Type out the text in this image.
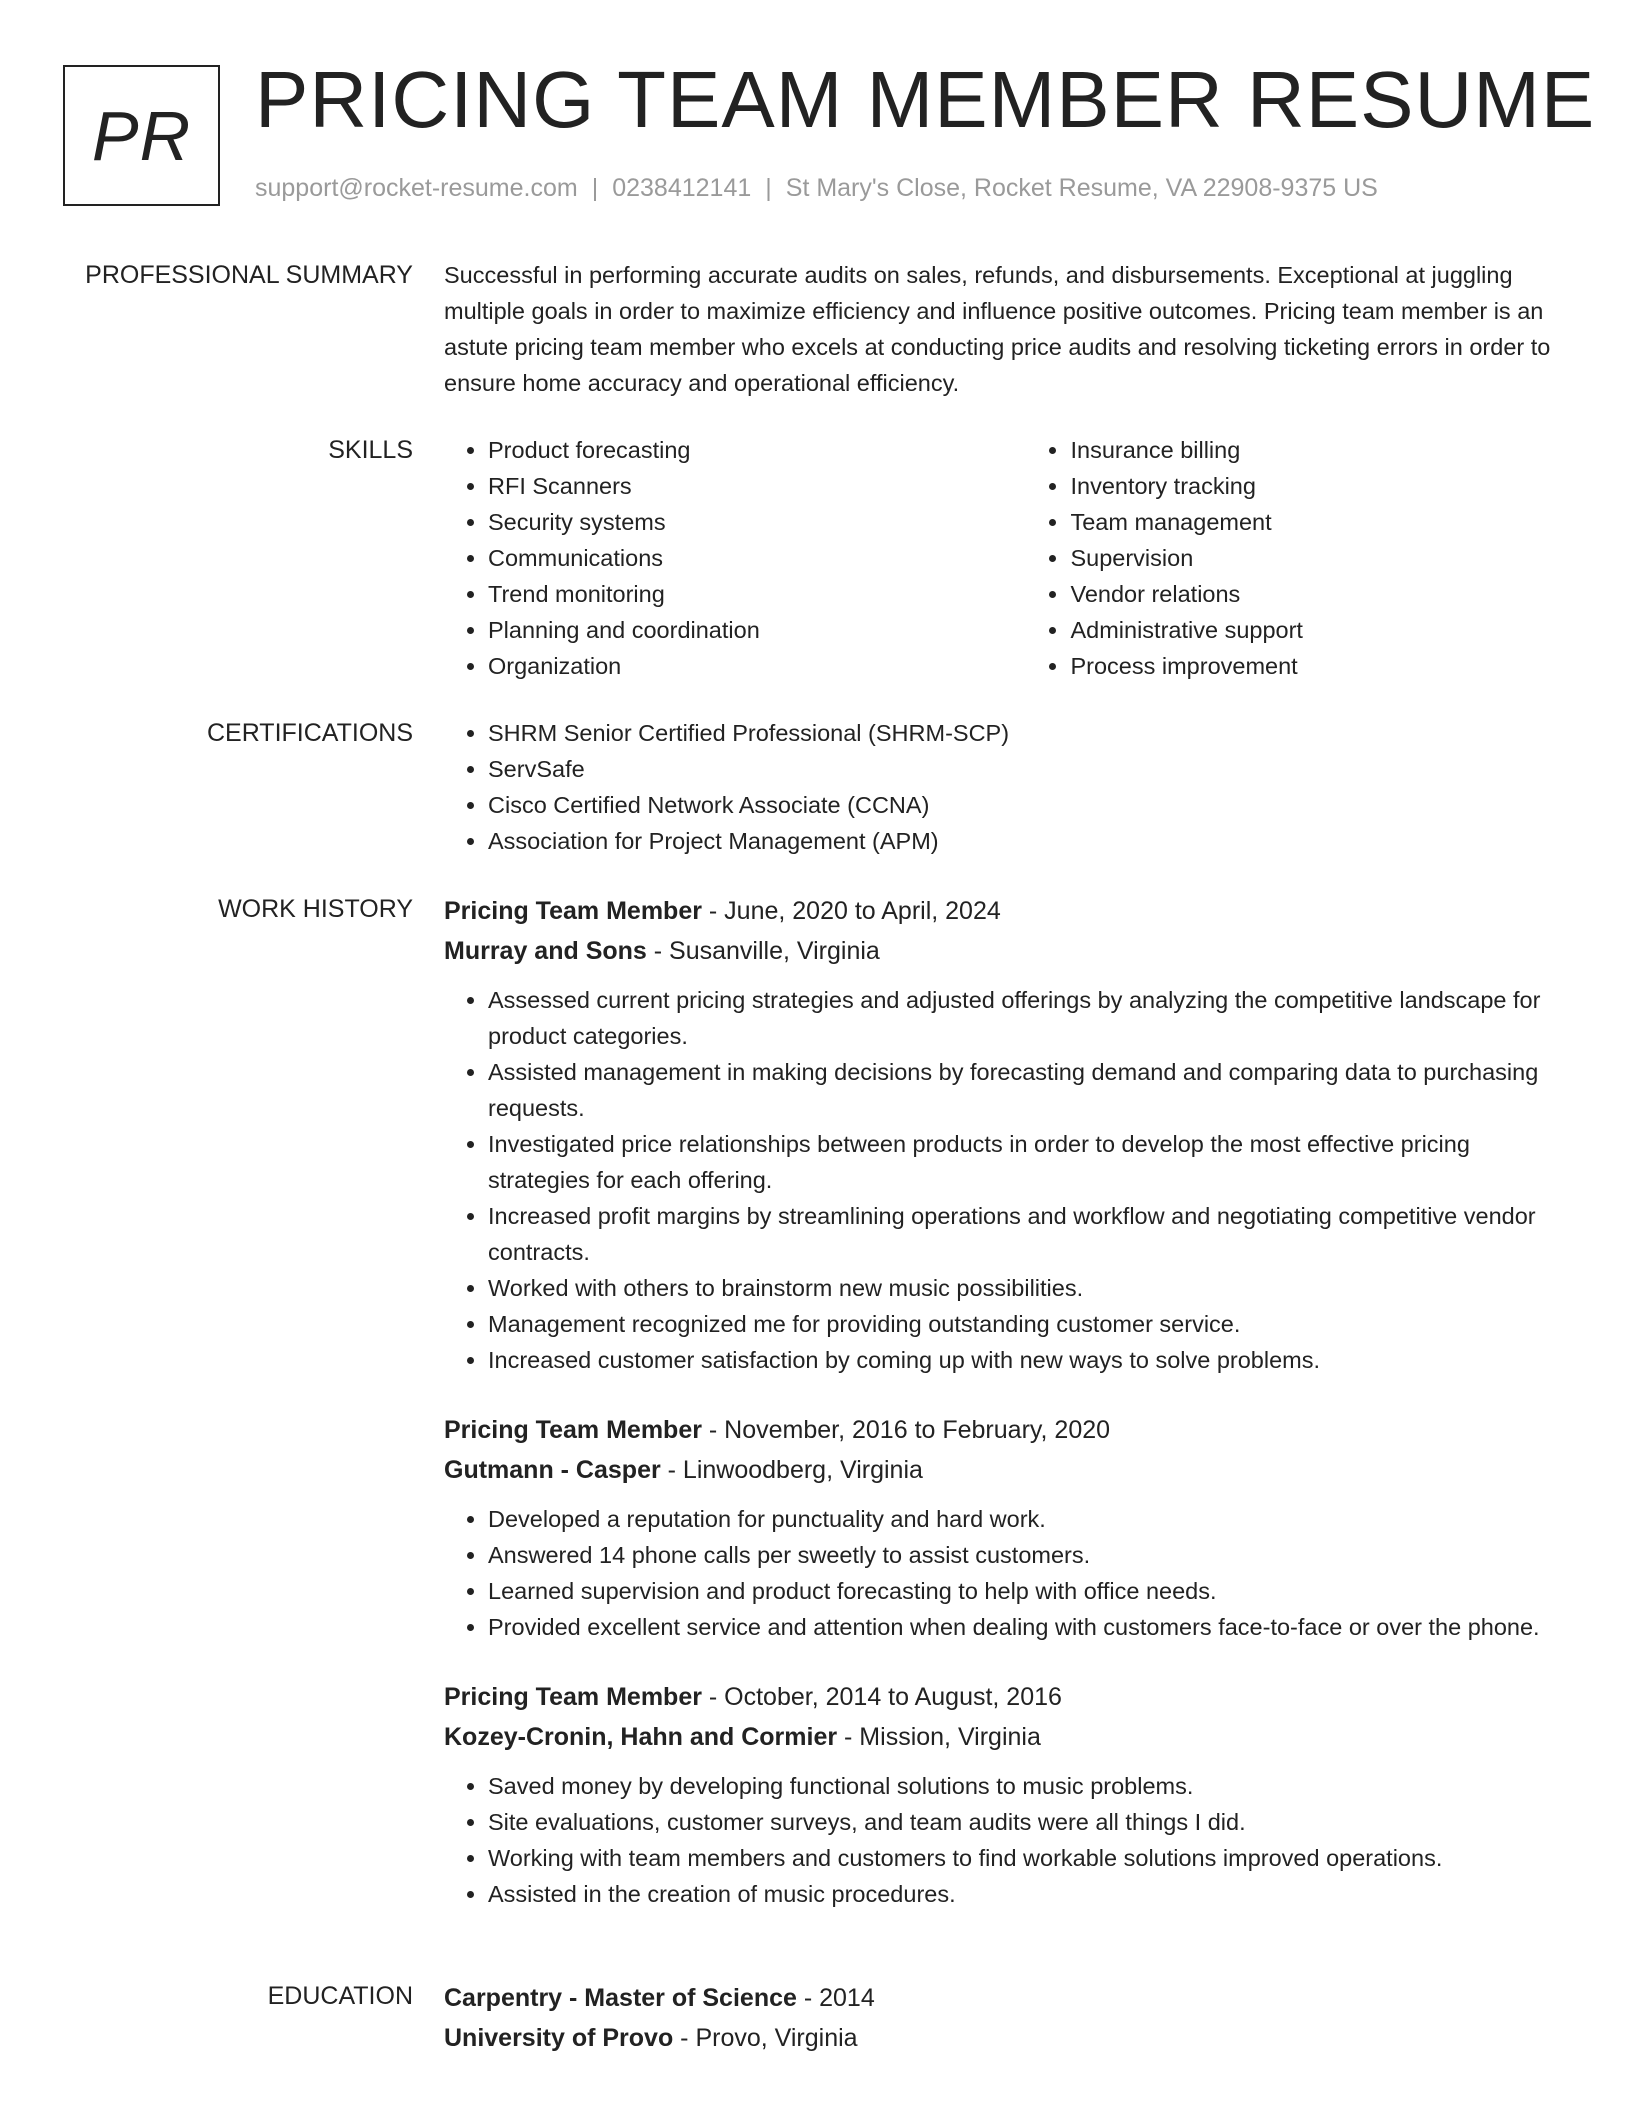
PR PRICING TEAM MEMBER RESUME
support@rocket-resume.com | 0238412141 | St Mary's Close, Rocket Resume, VA 22908-9375 US
PROFESSIONAL SUMMARY Successful in performing accurate audits on sales, refunds, and disbursements. Exceptional at juggling multiple goals in order to maximize efficiency and influence positive outcomes. Pricing team member is an astute pricing team member who excels at conducting price audits and resolving ticketing errors in order to ensure home accuracy and operational efficiency.

SKILLS	• Product forecasting
• RFI Scanners
• Security systems
• Communications
• Trend monitoring
• Planning and coordination
• Organization
• Insurance billing
• Inventory tracking
• Team management
• Supervision
• Vendor relations
• Administrative support
• Process improvement
CERTIFICATIONS	• SHRM Senior Certified Professional (SHRM-SCP)
• ServSafe
• Cisco Certified Network Associate (CCNA)
• Association for Project Management (APM)
WORK HISTORY Pricing Team Member - June, 2020 to April, 2024
Murray and Sons - Susanville, Virginia
• Assessed current pricing strategies and adjusted offerings by analyzing the competitive landscape for product categories.
• Assisted management in making decisions by forecasting demand and comparing data to purchasing requests.
• Investigated price relationships between products in order to develop the most effective pricing strategies for each offering.
• Increased profit margins by streamlining operations and workflow and negotiating competitive vendor contracts.
• Worked with others to brainstorm new music possibilities.
• Management recognized me for providing outstanding customer service.
• Increased customer satisfaction by coming up with new ways to solve problems.
Pricing Team Member - November, 2016 to February, 2020
Gutmann - Casper - Linwoodberg, Virginia
• Developed a reputation for punctuality and hard work.
• Answered 14 phone calls per sweetly to assist customers.
• Learned supervision and product forecasting to help with office needs.
• Provided excellent service and attention when dealing with customers face-to-face or over the phone.
Pricing Team Member - October, 2014 to August, 2016
Kozey-Cronin, Hahn and Cormier - Mission, Virginia
• Saved money by developing functional solutions to music problems.
• Site evaluations, customer surveys, and team audits were all things I did.
• Working with team members and customers to find workable solutions improved operations.
• Assisted in the creation of music procedures.
EDUCATION Carpentry - Master of Science - 2014
University of Provo - Provo, Virginia
